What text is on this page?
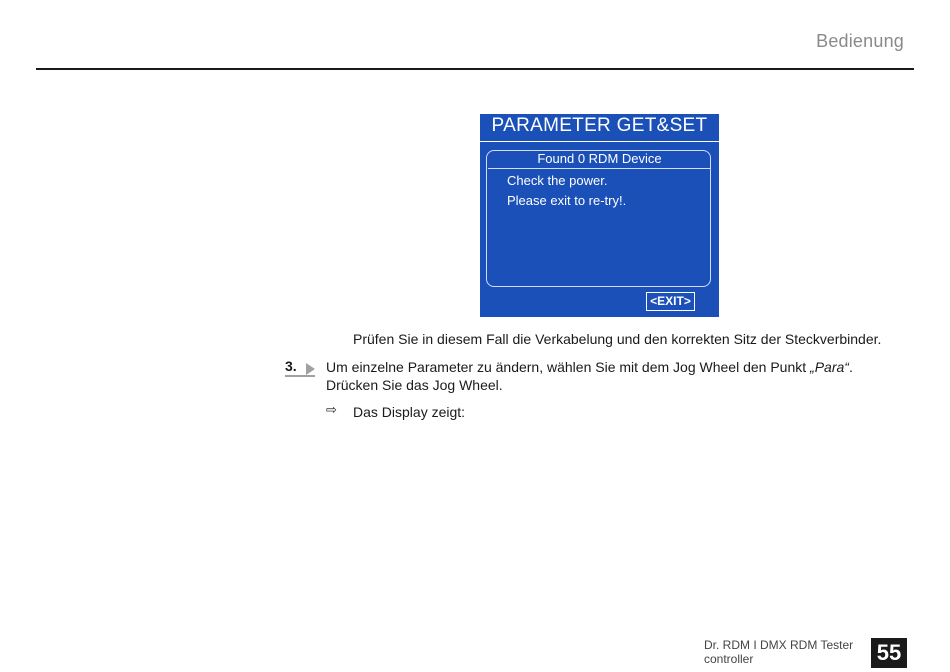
Bedienung
PARAMETER GET&SET
Found 0 RDM Device
Check the power.
Please exit to re-try!.
<EXIT>
Prüfen Sie in diesem Fall die Verkabelung und den korrekten Sitz der Steckverbinder.
3. Um einzelne Parameter zu ändern, wählen Sie mit dem Jog Wheel den Punkt „Para“.
Drücken Sie das Jog Wheel.
⇨ Das Display zeigt:
Dr. RDM I DMX RDM Tester
controller	55
